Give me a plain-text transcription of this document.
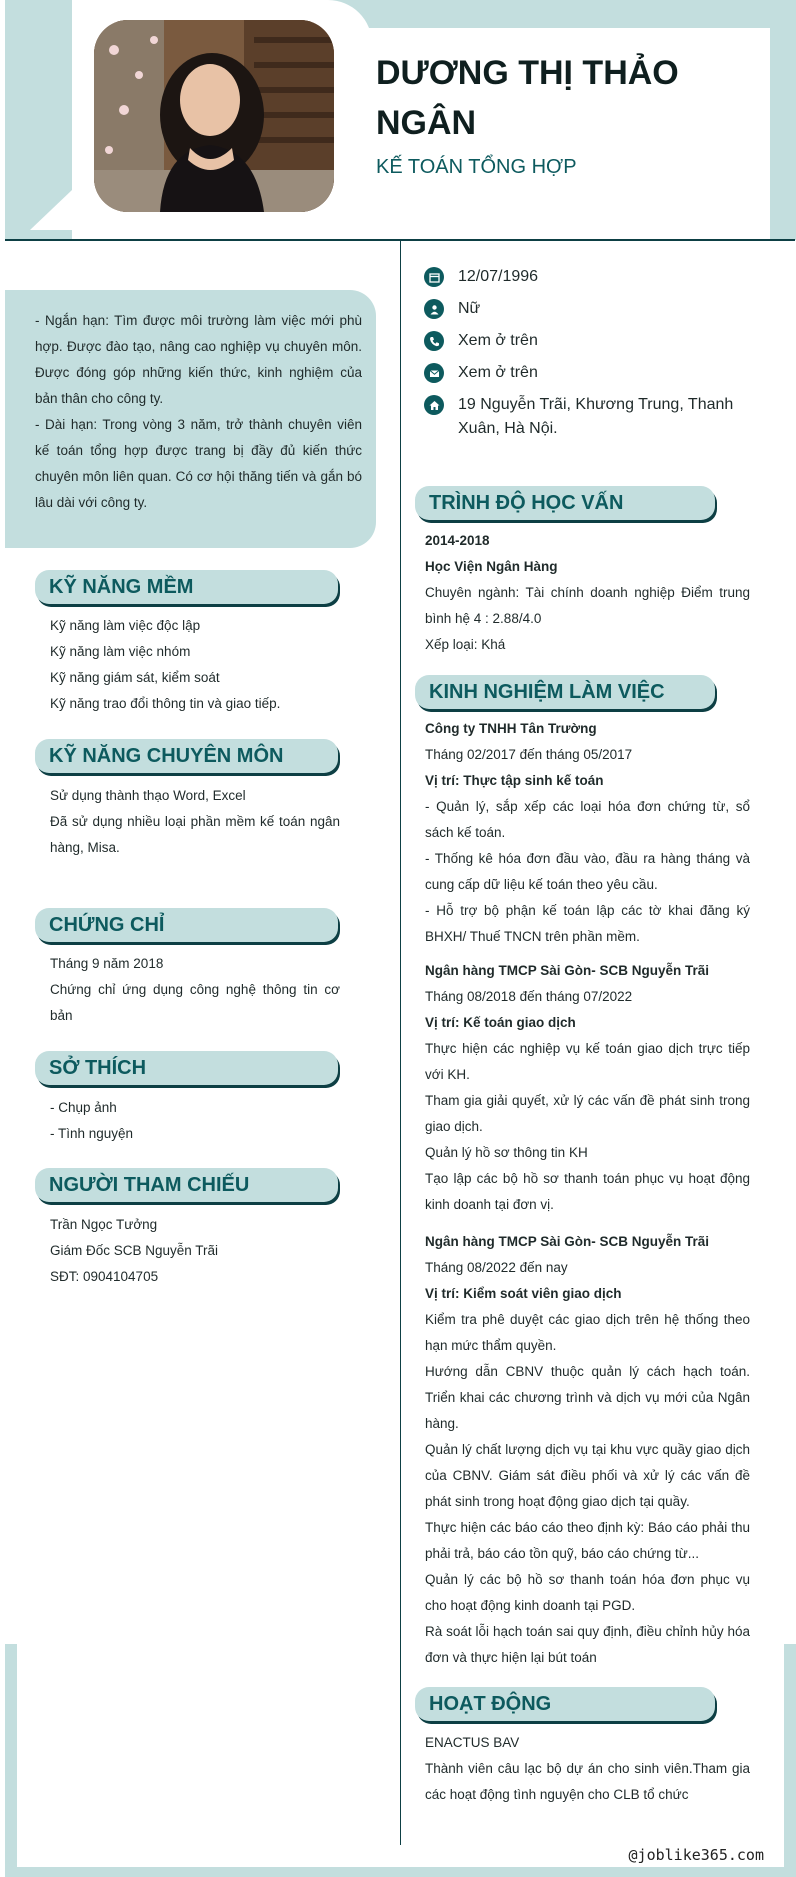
DƯƠNG THỊ THẢO NGÂN
KẾ TOÁN TỔNG HỢP

- Ngắn hạn: Tìm được môi trường làm việc mới phù hợp. Được đào tạo, nâng cao nghiệp vụ chuyên môn. Được đóng góp những kiến thức, kinh nghiệm của bản thân cho công ty.

- Dài hạn: Trong vòng 3 năm, trở thành chuyên viên kế toán tổng hợp được trang bị đầy đủ kiến thức chuyên môn liên quan. Có cơ hội thăng tiến và gắn bó lâu dài với công ty.

12/07/1996
Nữ
Xem ở trên
Xem ở trên
19 Nguyễn Trãi, Khương Trung, Thanh Xuân, Hà Nội.
KỸ NĂNG MỀM
Kỹ năng làm việc độc lập
Kỹ năng làm việc nhóm
Kỹ năng giám sát, kiểm soát
Kỹ năng trao đổi thông tin và giao tiếp.
KỸ NĂNG CHUYÊN MÔN
Sử dụng thành thạo Word, Excel
Đã sử dụng nhiều loại phần mềm kế toán ngân hàng, Misa.
CHỨNG CHỈ
Tháng 9 năm 2018
Chứng chỉ ứng dụng công nghệ thông tin cơ bản
SỞ THÍCH
- Chụp ảnh
- Tình nguyện
NGƯỜI THAM CHIẾU
Trần Ngọc Tưởng
Giám Đốc SCB Nguyễn Trãi
SĐT: 0904104705
TRÌNH ĐỘ HỌC VẤN
2014-2018
Học Viện Ngân Hàng
Chuyên ngành: Tài chính doanh nghiệp Điểm trung bình hệ 4 : 2.88/4.0
Xếp loại: Khá
KINH NGHIỆM LÀM VIỆC
Công ty TNHH Tân Trường
Tháng 02/2017 đến tháng 05/2017
Vị trí: Thực tập sinh kế toán
- Quản lý, sắp xếp các loại hóa đơn chứng từ, sổ sách kế toán.
- Thống kê hóa đơn đầu vào, đầu ra hàng tháng và cung cấp dữ liệu kế toán theo yêu cầu.
- Hỗ trợ bộ phận kế toán lập các tờ khai đăng ký BHXH/ Thuế TNCN trên phần mềm.
Ngân hàng TMCP Sài Gòn- SCB Nguyễn Trãi
Tháng 08/2018 đến tháng 07/2022
Vị trí: Kế toán giao dịch
Thực hiện các nghiệp vụ kế toán giao dịch trực tiếp với KH.
Tham gia giải quyết, xử lý các vấn đề phát sinh trong giao dịch.
Quản lý hồ sơ thông tin KH
Tạo lập các bộ hồ sơ thanh toán phục vụ hoạt động kinh doanh tại đơn vị.
Ngân hàng TMCP Sài Gòn- SCB Nguyễn Trãi
Tháng 08/2022 đến nay
Vị trí: Kiểm soát viên giao dịch
Kiểm tra phê duyệt các giao dịch trên hệ thống theo hạn mức thẩm quyền.
Hướng dẫn CBNV thuộc quản lý cách hạch toán. Triển khai các chương trình và dịch vụ mới của Ngân hàng.
Quản lý chất lượng dịch vụ tại khu vực quầy giao dịch của CBNV. Giám sát điều phối và xử lý các vấn đề phát sinh trong hoạt động giao dịch tại quầy.
Thực hiện các báo cáo theo định kỳ: Báo cáo phải thu phải trả, báo cáo tồn quỹ, báo cáo chứng từ...
Quản lý các bộ hồ sơ thanh toán hóa đơn phục vụ cho hoạt động kinh doanh tại PGD.
Rà soát lỗi hạch toán sai quy định, điều chỉnh hủy hóa đơn và thực hiện lại bút toán
HOẠT ĐỘNG
ENACTUS BAV
Thành viên câu lạc bộ dự án cho sinh viên.Tham gia các hoạt động tình nguyện cho CLB tổ chức
@joblike365.com
